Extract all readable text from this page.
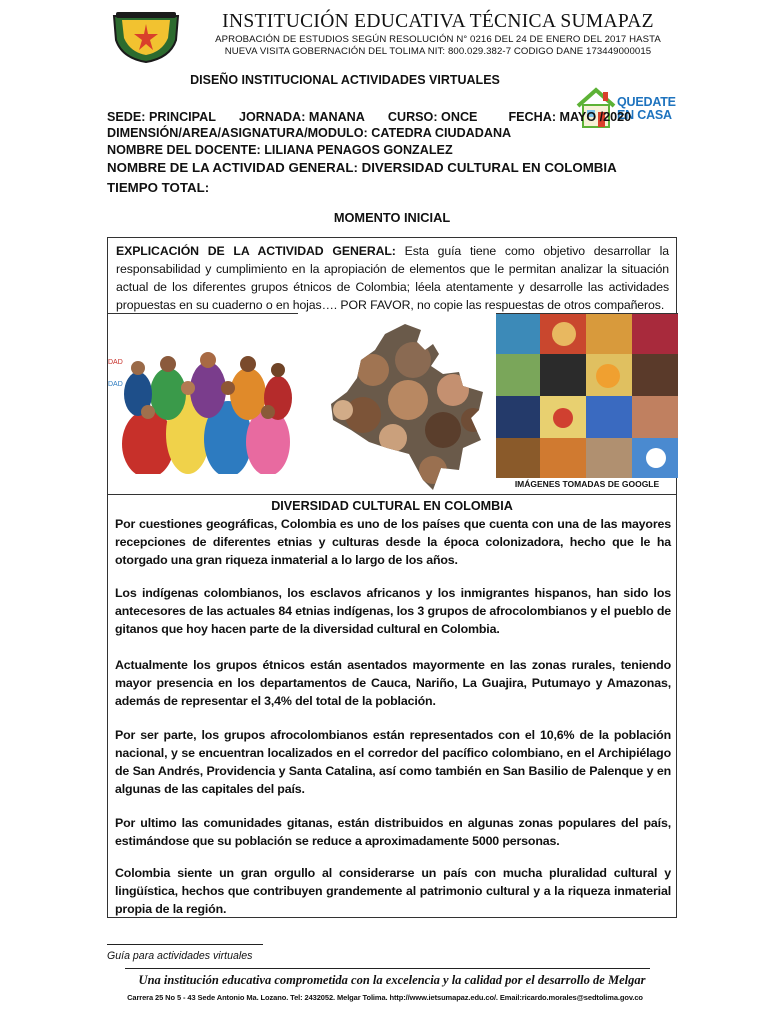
INSTITUCIÓN EDUCATIVA TÉCNICA SUMAPAZ
APROBACIÓN DE ESTUDIOS SEGÚN RESOLUCIÓN N° 0216 DEL 24 DE ENERO DEL 2017 HASTA
NUEVA VISITA GOBERNACIÓN DEL TOLIMA NIT: 800.029.382-7 CODIGO DANE 173449000015
DISEÑO INSTITUCIONAL ACTIVIDADES VIRTUALES
QUEDATE
EN CASA
SEDE: PRINCIPAL JORNADA: MANANA CURSO: ONCE FECHA: MAYO /2020
DIMENSIÓN/AREA/ASIGNATURA/MODULO: CATEDRA CIUDADANA
NOMBRE DEL DOCENTE: LILIANA PENAGOS GONZALEZ
NOMBRE DE LA ACTIVIDAD GENERAL: DIVERSIDAD CULTURAL EN COLOMBIA
TIEMPO TOTAL:
MOMENTO INICIAL
EXPLICACIÓN DE LA ACTIVIDAD GENERAL: Esta guía tiene como objetivo desarrollar la responsabilidad y cumplimiento en la apropiación de elementos que le permitan analizar la situación actual de los diferentes grupos étnicos de Colombia; léela atentamente y desarrolle las actividades propuestas en su cuaderno o en hojas…. POR FAVOR, no copie las respuestas de otros compañeros.
DAD
DAD
IMÁGENES TOMADAS DE GOOGLE
DIVERSIDAD CULTURAL EN COLOMBIA
Por cuestiones geográficas, Colombia es uno de los países que cuenta con una de las mayores recepciones de diferentes etnias y culturas desde la época colonizadora, hecho que le ha otorgado una gran riqueza inmaterial a lo largo de los años.
Los indígenas colombianos, los esclavos africanos y los inmigrantes hispanos, han sido los antecesores de las actuales 84 etnias indígenas, los 3 grupos de afrocolombianos y el pueblo de gitanos que hoy hacen parte de la diversidad cultural en Colombia.
Actualmente los grupos étnicos están asentados mayormente en las zonas rurales, teniendo mayor presencia en los departamentos de Cauca, Nariño, La Guajira, Putumayo y Amazonas, además de representar el 3,4% del total de la población.
Por ser parte, los grupos afrocolombianos están representados con el 10,6% de la población nacional, y se encuentran localizados en el corredor del pacífico colombiano, en el Archipiélago de San Andrés, Providencia y Santa Catalina, así como también en San Basilio de Palenque y en algunas de las capitales del país.
Por ultimo las comunidades gitanas, están distribuidos en algunas zonas populares del país, estimándose que su población se reduce a aproximadamente 5000 personas.
Colombia siente un gran orgullo al considerarse un país con mucha pluralidad cultural y lingüística, hechos que contribuyen grandemente al patrimonio cultural y a la riqueza inmaterial propia de la región.
Guía para actividades virtuales
Una institución educativa comprometida con la excelencia y la calidad por el desarrollo de Melgar
Carrera 25 No 5 - 43 Sede Antonio Ma. Lozano. Tel: 2432052. Melgar Tolima. http://www.ietsumapaz.edu.co/. Email:ricardo.morales@sedtolima.gov.co
